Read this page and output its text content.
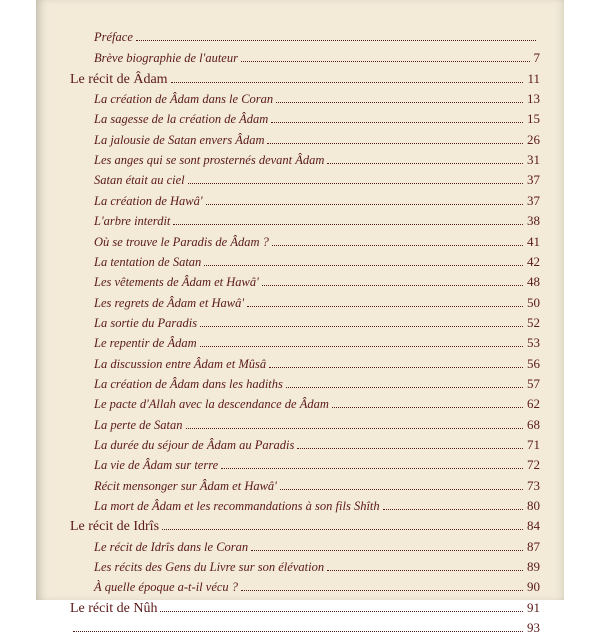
Préface
Brève biographie de l'auteur	7
Le récit de Âdam	11
La création de Âdam dans le Coran	13
La sagesse de la création de Âdam	15
La jalousie de Satan envers Âdam	26
Les anges qui se sont prosternés devant Âdam	31
Satan était au ciel	37
La création de Hawâ'	37
L'arbre interdit	38
Où se trouve le Paradis de Âdam ?	41
La tentation de Satan	42
Les vêtements de Âdam et Hawâ'	48
Les regrets de Âdam et Hawâ'	50
La sortie du Paradis	52
Le repentir de Âdam	53
La discussion entre Âdam et Mûsâ	56
La création de Âdam dans les hadiths	57
Le pacte d'Allah avec la descendance de Âdam	62
La perte de Satan	68
La durée du séjour de Âdam au Paradis	71
La vie de Âdam sur terre	72
Récit mensonger sur Âdam et Hawâ'	73
La mort de Âdam et les recommandations à son fils Shîth	80
Le récit de Idrîs	84
Le récit de Idrîs dans le Coran	87
Les récits des Gens du Livre sur son élévation	89
À quelle époque a-t-il vécu ?	90
Le récit de Nûh	91
93
